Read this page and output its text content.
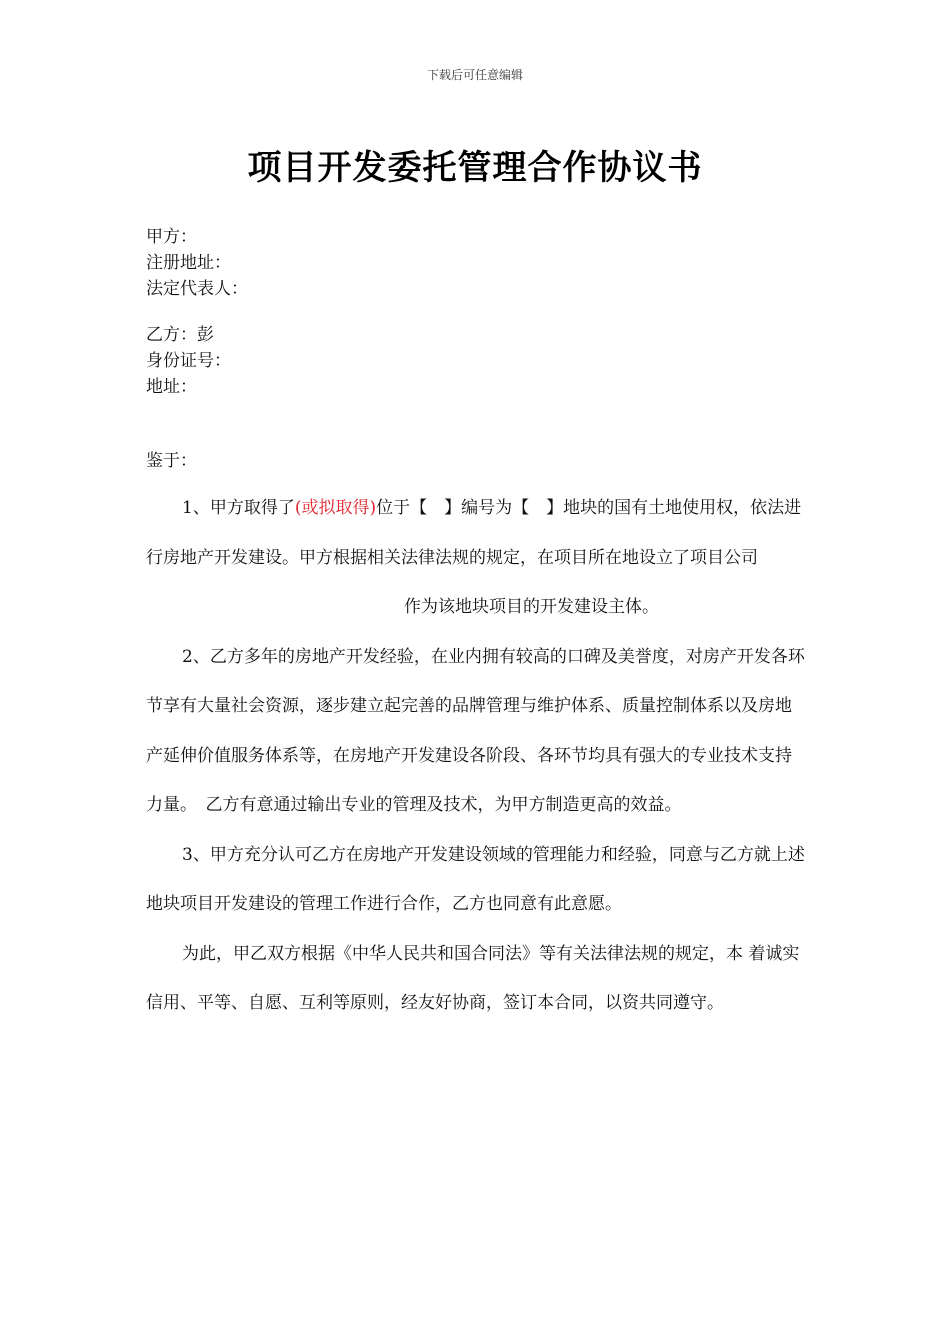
下载后可任意编辑
项目开发委托管理合作协议书

甲方：

注册地址：

法定代表人：

乙方：彭

身份证号：

地址：

鉴于：

1、甲方取得了(或拟取得)位于【　】编号为【　】地块的国有土地使用权，依法进行房地产开发建设。甲方根据相关法律法规的规定，在项目所在地设立了项目公司作为该地块项目的开发建设主体。

2、乙方多年的房地产开发经验，在业内拥有较高的口碑及美誉度，对房产开发各环节享有大量社会资源，逐步建立起完善的品牌管理与维护体系、质量控制体系以及房地产延伸价值服务体系等，在房地产开发建设各阶段、各环节均具有强大的专业技术支持力量。　乙方有意通过输出专业的管理及技术，为甲方制造更高的效益。

3、甲方充分认可乙方在房地产开发建设领域的管理能力和经验，同意与乙方就上述地块项目开发建设的管理工作进行合作，乙方也同意有此意愿。

为此，甲乙双方根据《中华人民共和国合同法》等有关法律法规的规定，本 着诚实信用、平等、自愿、互利等原则，经友好协商，签订本合同，以资共同遵守。
